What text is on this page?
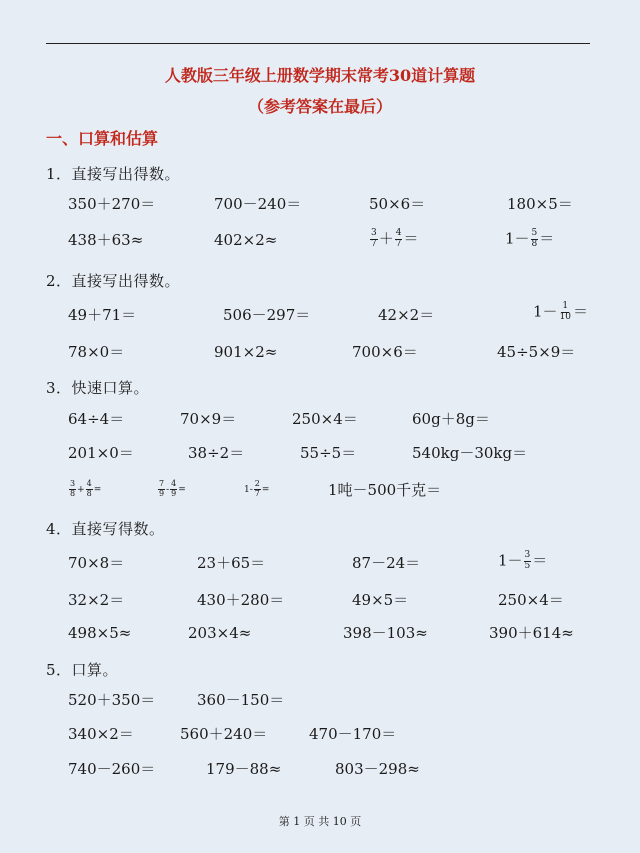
人教版三年级上册数学期末常考30道计算题
（参考答案在最后）
一、口算和估算
1．直接写出得数。
350＋270＝	700－240＝	50×6＝	180×5＝
438＋63≈	402×2≈	$\frac{3}{7} + \frac{4}{7}$ ＝	$1- \frac{5}{8}$ ＝
2．直接写出得数。
49＋71＝	506－297＝	42×2＝	$1- \frac{1}{10}$ ＝
78×0＝	901×2≈	700×6＝	45÷5×9＝
3．快速口算。
64÷4＝	70×9＝	250×4＝	60g＋8g＝
201×0＝	38÷2＝	55÷5＝	540kg－30kg＝
$\frac{3}{8} + \frac{4}{8}$ =	$\frac{7}{9} - \frac{4}{9}$ =	$1- \frac{2}{7}$ =	1吨－500千克＝
4．直接写得数。
70×8＝	23＋65＝	87－24＝	$1- \frac{3}{5}$ ＝
32×2＝	430＋280＝	49×5＝	250×4＝
498×5≈	203×4≈	398－103≈	390＋614≈
5．口算。
520＋350＝	360－150＝
340×2＝	560＋240＝	470－170＝
740－260＝	179－88≈	803－298≈
第 1 页 共 10 页
